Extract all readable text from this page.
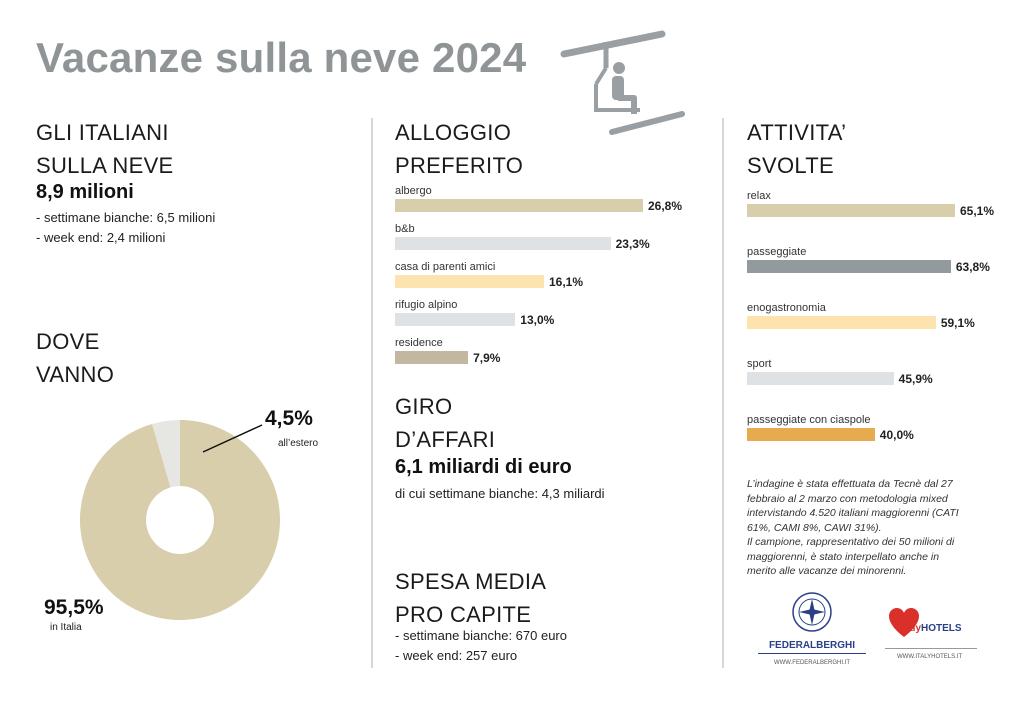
Vacanze sulla neve 2024
GLI ITALIANI
SULLA NEVE
8,9 milioni
- settimane bianche: 6,5 milioni
- week end: 2,4 milioni
DOVE
VANNO
4,5%
all’estero
95,5%
in Italia
ALLOGGIO
PREFERITO
albergo
26,8%
b&b
23,3%
casa di parenti amici
16,1%
rifugio alpino
13,0%
residence
7,9%
GIRO
D’AFFARI
6,1 miliardi di euro
di cui settimane bianche: 4,3 miliardi
SPESA MEDIA
PRO CAPITE
- settimane bianche: 670 euro
- week end: 257 euro
ATTIVITA’
SVOLTE
relax
65,1%
passeggiate
63,8%
enogastronomia
59,1%
sport
45,9%
passeggiate con ciaspole
40,0%
L’indagine è stata effettuata da Tecnè dal 27
febbraio al 2 marzo con metodologia mixed
intervistando 4.520 italiani maggiorenni (CATI
61%, CAMI 8%, CAWI 31%).
Il campione, rappresentativo dei 50 milioni di
maggiorenni, è stato interpellato anche in
merito alle vacanze dei minorenni.
FEDERALBERGHI
WWW.FEDERALBERGHI.IT
ItalyHOTELS
WWW.ITALYHOTELS.IT
